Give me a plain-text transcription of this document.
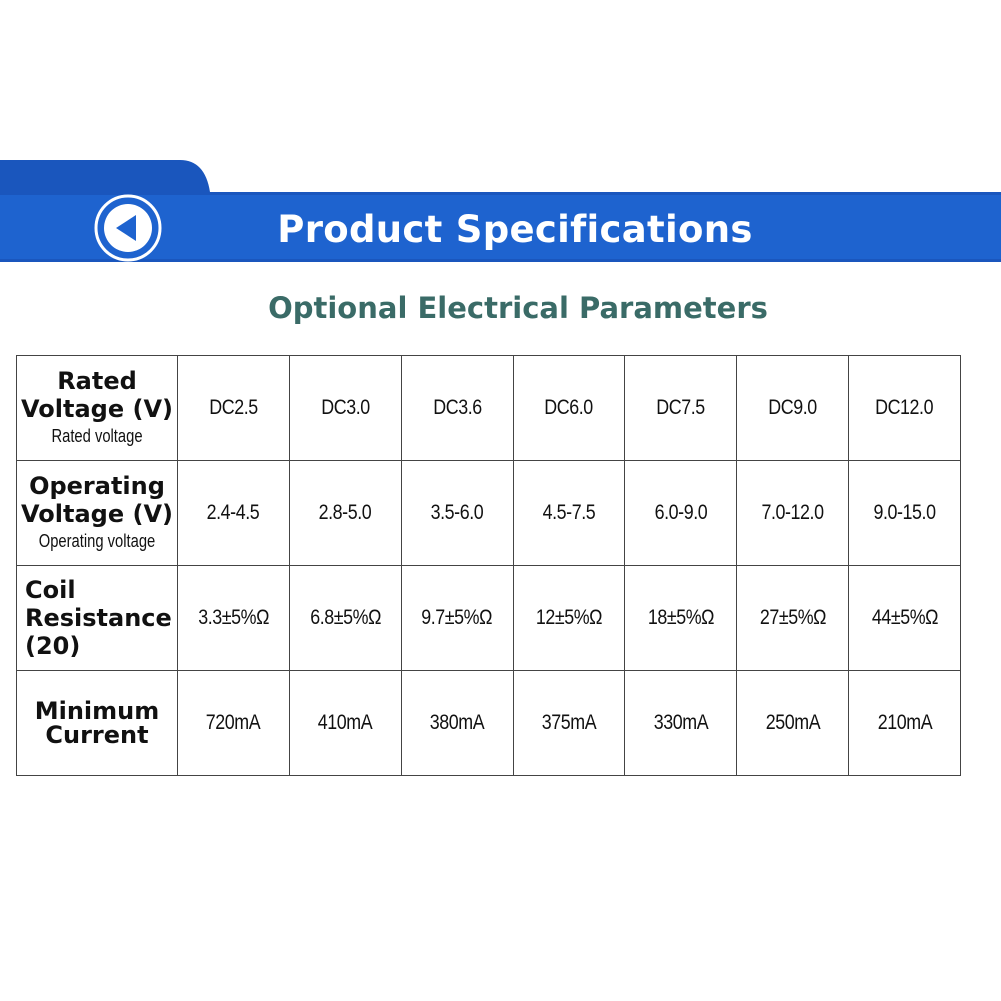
Product Specifications
Optional Electrical Parameters
Rated
Voltage (V)
Rated voltage	DC2.5	DC3.0	DC3.6	DC6.0	DC7.5	DC9.0	DC12.0

Operating
Voltage (V)
Operating voltage	2.4-4.5	2.8-5.0	3.5-6.0	4.5-7.5	6.0-9.0	7.0-12.0	9.0-15.0

Coil
Resistance
(20)	3.3±5%Ω	6.8±5%Ω	9.7±5%Ω	12±5%Ω	18±5%Ω	27±5%Ω	44±5%Ω

Minimum
Current	720mA	410mA	380mA	375mA	330mA	250mA	210mA
